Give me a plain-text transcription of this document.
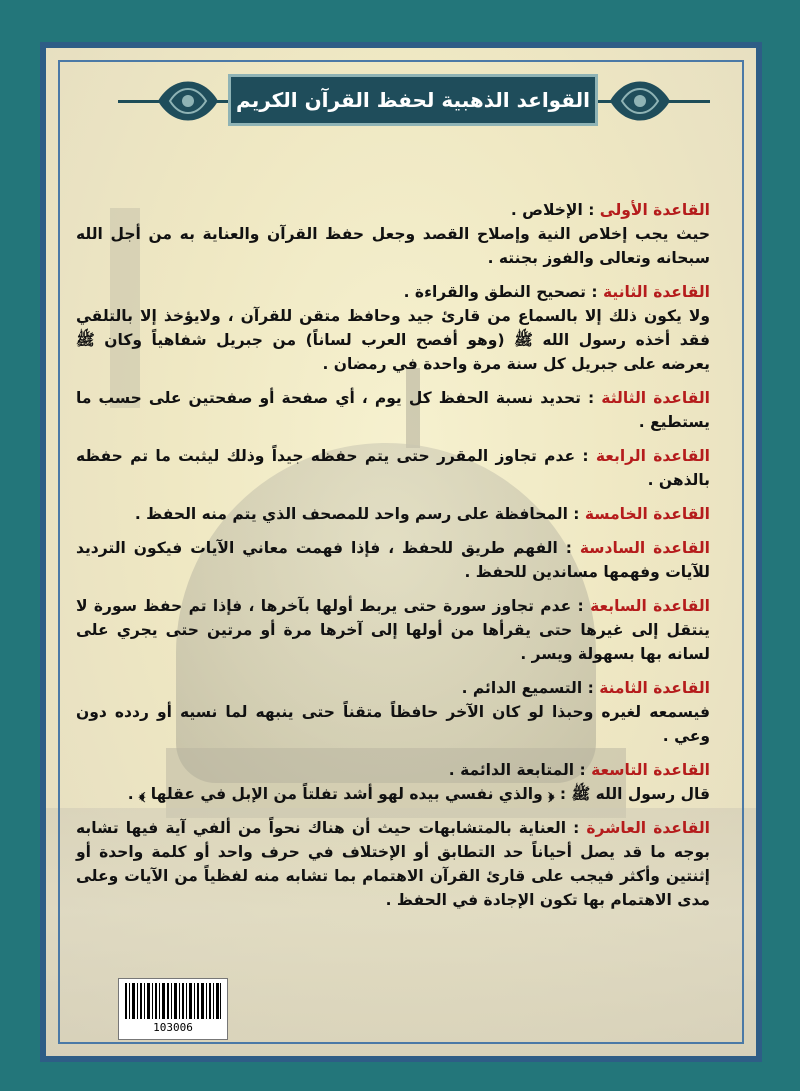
القواعد الذهبية لحفظ القرآن الكريم
القاعدة الأولى : الإخلاص .
حيث يجب إخلاص النية وإصلاح القصد وجعل حفظ القرآن والعناية به من أجل الله سبحانه وتعالى والفوز بجنته .
القاعدة الثانية : تصحيح النطق والقراءة .
ولا يكون ذلك إلا بالسماع من قارئ جيد وحافظ متقن للقرآن ، ولايؤخذ إلا بالتلقي فقد أخذه رسول الله ﷺ (وهو أفصح العرب لساناً) من جبريل شفاهياً وكان ﷺ يعرضه على جبريل كل سنة مرة واحدة في رمضان .
القاعدة الثالثة : تحديد نسبة الحفظ كل يوم ، أي صفحة أو صفحتين على حسب ما يستطيع .
القاعدة الرابعة : عدم تجاوز المقرر حتى يتم حفظه جيداً وذلك ليثبت ما تم حفظه بالذهن .
القاعدة الخامسة : المحافظة على رسم واحد للمصحف الذي يتم منه الحفظ .
القاعدة السادسة : الفهم طريق للحفظ ، فإذا فهمت معاني الآيات فيكون الترديد للآيات وفهمها مساندين للحفظ .
القاعدة السابعة : عدم تجاوز سورة حتى يربط أولها بآخرها ، فإذا تم حفظ سورة لا ينتقل إلى غيرها حتى يقرأها من أولها إلى آخرها مرة أو مرتين حتى يجري على لسانه بها بسهولة ويسر .
القاعدة الثامنة : التسميع الدائم .
فيسمعه لغيره وحبذا لو كان الآخر حافظاً متقناً حتى ينبهه لما نسيه أو ردده دون وعي .
القاعدة التاسعة : المتابعة الدائمة .
قال رسول الله ﷺ : ﴿ والذي نفسي بيده لهو أشد تفلتاً من الإبل في عقلها ﴾ .
القاعدة العاشرة : العناية بالمتشابهات حيث أن هناك نحواً من ألفي آية فيها تشابه بوجه ما قد يصل أحياناً حد التطابق أو الإختلاف في حرف واحد أو كلمة واحدة أو إثنتين وأكثر فيجب على قارئ القرآن الاهتمام بما تشابه منه لفظياً من الآيات وعلى مدى الاهتمام بها تكون الإجادة في الحفظ .
103006
